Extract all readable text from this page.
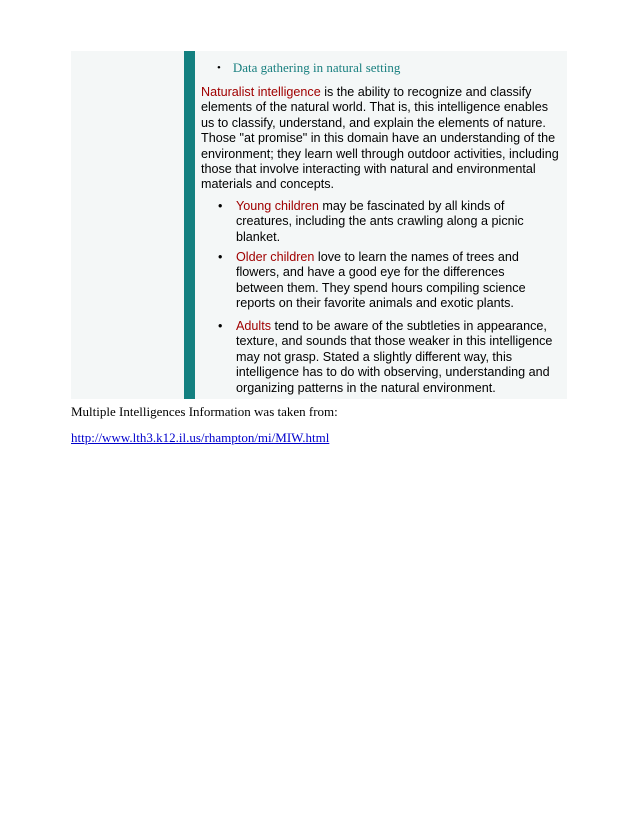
• Data gathering in natural setting
Naturalist intelligence is the ability to recognize and classify elements of the natural world. That is, this intelligence enables us to classify, understand, and explain the elements of nature. Those "at promise" in this domain have an understanding of the environment; they learn well through outdoor activities, including those that involve interacting with natural and environmental materials and concepts.
• Young children may be fascinated by all kinds of creatures, including the ants crawling along a picnic blanket.
• Older children love to learn the names of trees and flowers, and have a good eye for the differences between them. They spend hours compiling science reports on their favorite animals and exotic plants.
• Adults tend to be aware of the subtleties in appearance, texture, and sounds that those weaker in this intelligence may not grasp. Stated a slightly different way, this intelligence has to do with observing, understanding and organizing patterns in the natural environment.
Multiple Intelligences Information was taken from:
http://www.lth3.k12.il.us/rhampton/mi/MIW.html
